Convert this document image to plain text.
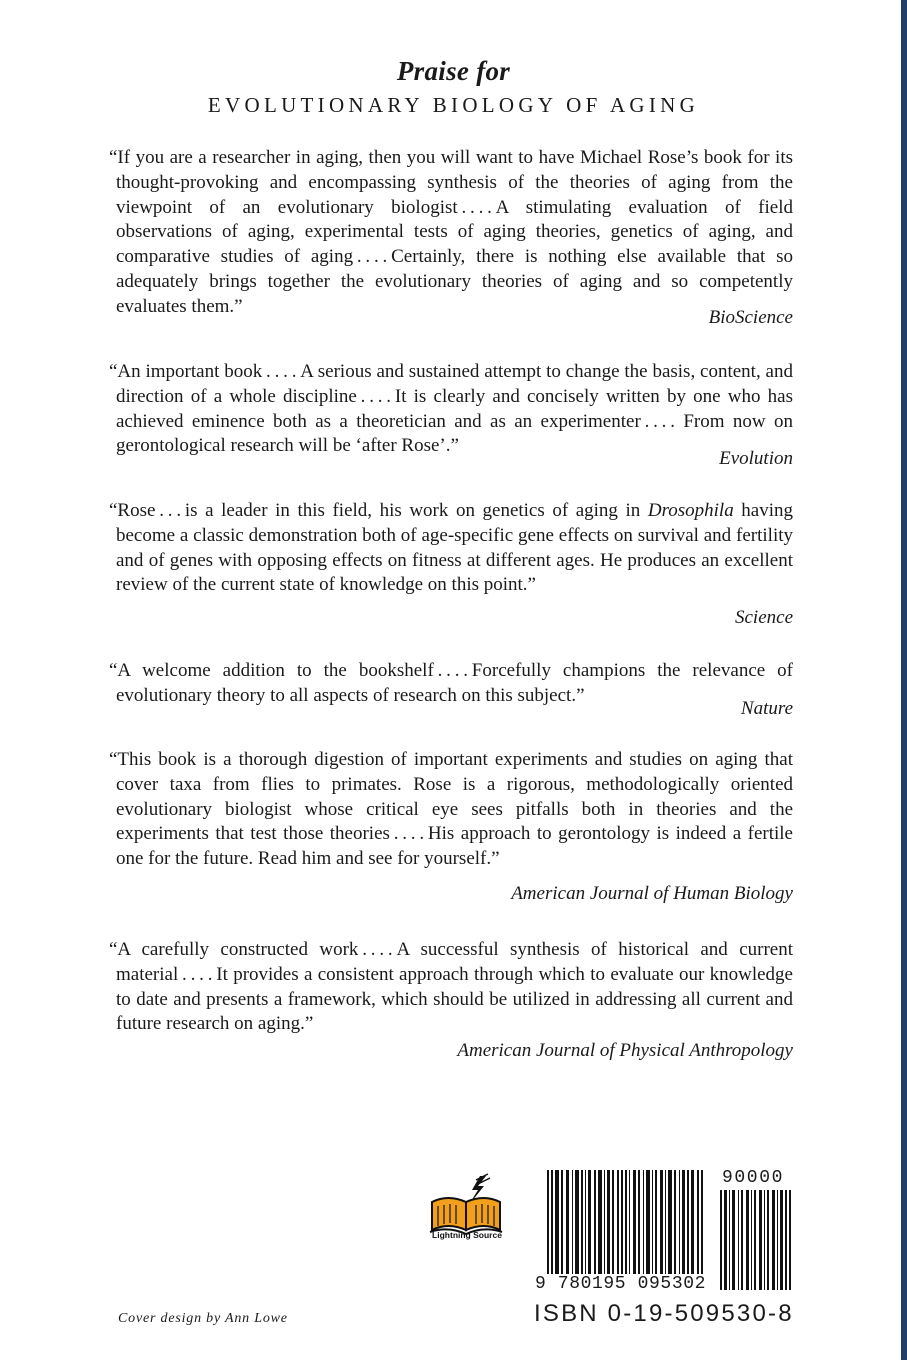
Praise for
EVOLUTIONARY BIOLOGY OF AGING

“If you are a researcher in aging, then you will want to have Michael Rose’s book for its thought-provoking and encompassing synthesis of the theories of aging from the viewpoint of an evolutionary biologist . . . . A stimulating evaluation of field observations of aging, experimental tests of aging theories, genetics of aging, and comparative studies of aging . . . . Certainly, there is nothing else available that so adequately brings together the evolutionary theories of aging and so competently evaluates them.”

BioScience

“An important book . . . . A serious and sustained attempt to change the basis, content, and direction of a whole discipline . . . . It is clearly and concisely written by one who has achieved eminence both as a theoretician and as an experimenter . . . . From now on gerontological research will be ‘after Rose’.”

Evolution

“Rose . . . is a leader in this field, his work on genetics of aging in Drosophila having become a classic demonstration both of age-specific gene effects on survival and fertility and of genes with opposing effects on fitness at different ages. He produces an excellent review of the current state of knowledge on this point.”

Science

“A welcome addition to the bookshelf . . . . Forcefully champions the relevance of evolutionary theory to all aspects of research on this subject.”

Nature

“This book is a thorough digestion of important experiments and studies on aging that cover taxa from flies to primates. Rose is a rigorous, methodologically oriented evolutionary biologist whose critical eye sees pitfalls both in theories and the experiments that test those theories . . . . His approach to gerontology is indeed a fertile one for the future. Read him and see for yourself.”

American Journal of Human Biology

“A carefully constructed work . . . . A successful synthesis of historical and current material . . . . It provides a consistent approach through which to evaluate our knowledge to date and presents a framework, which should be utilized in addressing all current and future research on aging.”

American Journal of Physical Anthropology
Lightning Source
9 780195 095302
90000
ISBN 0-19-509530-8
Cover design by Ann Lowe
